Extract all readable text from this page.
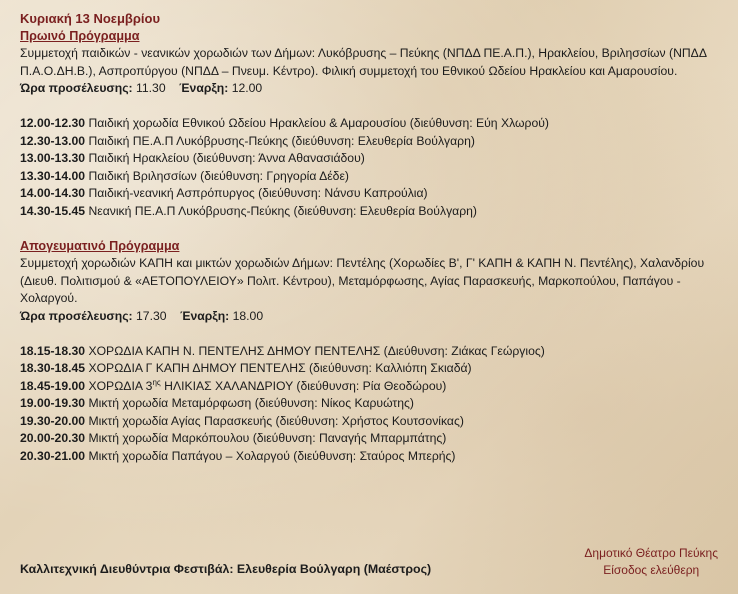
Κυριακή 13 Νοεμβρίου
Πρωινό Πρόγραμμα

Συμμετοχή παιδικών - νεανικών χορωδιών των Δήμων: Λυκόβρυσης – Πεύκης (ΝΠΔΔ ΠΕ.Α.Π.), Ηρακλείου, Βριλησσίων (ΝΠΔΔ Π.Α.Ο.ΔΗ.Β.), Ασπροπύργου (ΝΠΔΔ – Πνευμ. Κέντρο). Φιλική συμμετοχή του Εθνικού Ωδείου Ηρακλείου και Αμαρουσίου.

Ώρα προσέλευσης: 11.30 Έναρξη: 12.00
12.00-12.30 Παιδική χορωδία Εθνικού Ωδείου Ηρακλείου & Αμαρουσίου (διεύθυνση: Εύη Χλωρού)
12.30-13.00 Παιδική ΠΕ.Α.Π Λυκόβρυσης-Πεύκης (διεύθυνση: Ελευθερία Βούλγαρη)
13.00-13.30 Παιδική Ηρακλείου (διεύθυνση: Άννα Αθανασιάδου)
13.30-14.00 Παιδική Βριλησσίων (διεύθυνση: Γρηγορία Δέδε)
14.00-14.30 Παιδική-νεανική Ασπρόπυργος (διεύθυνση: Νάνσυ Καπρούλια)
14.30-15.45 Νεανική ΠΕ.Α.Π Λυκόβρυσης-Πεύκης (διεύθυνση: Ελευθερία Βούλγαρη)
Απογευματινό Πρόγραμμα

Συμμετοχή χορωδιών ΚΑΠΗ και μικτών χορωδιών Δήμων: Πεντέλης (Χορωδίες Β', Γ' ΚΑΠΗ & ΚΑΠΗ Ν. Πεντέλης), Χαλανδρίου (Διευθ. Πολιτισμού & «ΑΕΤΟΠΟΥΛΕΙΟΥ» Πολιτ. Κέντρου), Μεταμόρφωσης, Αγίας Παρασκευής, Μαρκοπούλου, Παπάγου - Χολαργού.

Ώρα προσέλευσης: 17.30 Έναρξη: 18.00
18.15-18.30 ΧΟΡΩΔΙΑ ΚΑΠΗ Ν. ΠΕΝΤΕΛΗΣ ΔΗΜΟΥ ΠΕΝΤΕΛΗΣ (Διεύθυνση: Ζιάκας Γεώργιος)
18.30-18.45 ΧΟΡΩΔΙΑ Γ ΚΑΠΗ ΔΗΜΟΥ ΠΕΝΤΕΛΗΣ (διεύθυνση: Καλλιόπη Σκιαδά)
18.45-19.00 ΧΟΡΩΔΙΑ $3^{\eta\varsigma}$ ΗΛΙΚΙΑΣ ΧΑΛΑΝΔΡΙΟΥ (διεύθυνση: Ρία Θεοδώρου)
19.00-19.30 Μικτή χορωδία Μεταμόρφωση (διεύθυνση: Νίκος Καρυώτης)
19.30-20.00 Μικτή χορωδία Αγίας Παρασκευής (διεύθυνση: Χρήστος Κουτσονίκας)
20.00-20.30 Μικτή χορωδία Μαρκόπουλου (διεύθυνση: Παναγής Μπαρμπάτης)
20.30-21.00 Μικτή χορωδία Παπάγου – Χολαργού (διεύθυνση: Σταύρος Μπερής)
Καλλιτεχνική Διευθύντρια Φεστιβάλ: Ελευθερία Βούλγαρη (Μαέστρος)
Δημοτικό Θέατρο Πεύκης
Είσοδος ελεύθερη
